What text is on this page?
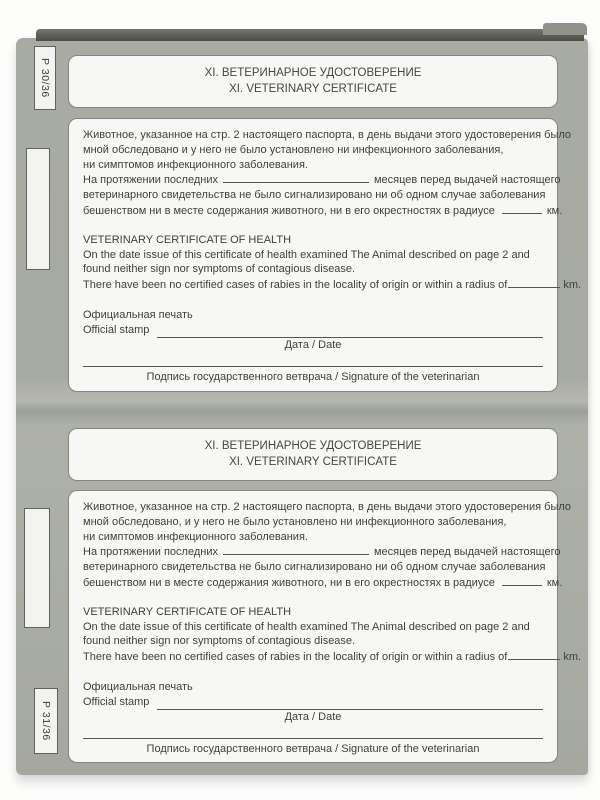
Р 30/36
Р 31/36
XI. ВЕТЕРИНАРНОЕ УДОСТОВЕРЕНИЕ
XI. VETERINARY CERTIFICATE
Животное, указанное на стр. 2 настоящего паспорта, в день выдачи этого удостоверения было
мной обследовано и у него не было установлено ни инфекционного заболевания,
ни симптомов инфекционного заболевания.
На протяжении последних	месяцев перед выдачей настоящего
ветеринарного свидетельства не было сигнализировано ни об одном случае заболевания
бешенством ни в месте содержания животного, ни в его окрестностях в радиусе	км.
VETERINARY CERTIFICATE OF HEALTH
On the date issue of this certificate of health examined The Animal described on page 2 and
found neither sign nor symptoms of contagious disease.
There have been no certified cases of rabies in the locality of origin or within a radius of	km.
Официальная печать
Official stamp
Дата / Date
Подпись государственного ветврача / Signature of the veterinarian
XI. ВЕТЕРИНАРНОЕ УДОСТОВЕРЕНИЕ
XI. VETERINARY CERTIFICATE
Животное, указанное на стр. 2 настоящего паспорта, в день выдачи этого удостоверения было
мной обследовано, и у него не было установлено ни инфекционного заболевания,
ни симптомов инфекционного заболевания.
На протяжении последних	месяцев перед выдачей настоящего
ветеринарного свидетельства не было сигнализировано ни об одном случае заболевания
бешенством ни в месте содержания животного, ни в его окрестностях в радиусе	км.
VETERINARY CERTIFICATE OF HEALTH
On the date issue of this certificate of health examined The Animal described on page 2 and
found neither sign nor symptoms of contagious disease.
There have been no certified cases of rabies in the locality of origin or within a radius of	km.
Официальная печать
Official stamp
Дата / Date
Подпись государственного ветврача / Signature of the veterinarian
